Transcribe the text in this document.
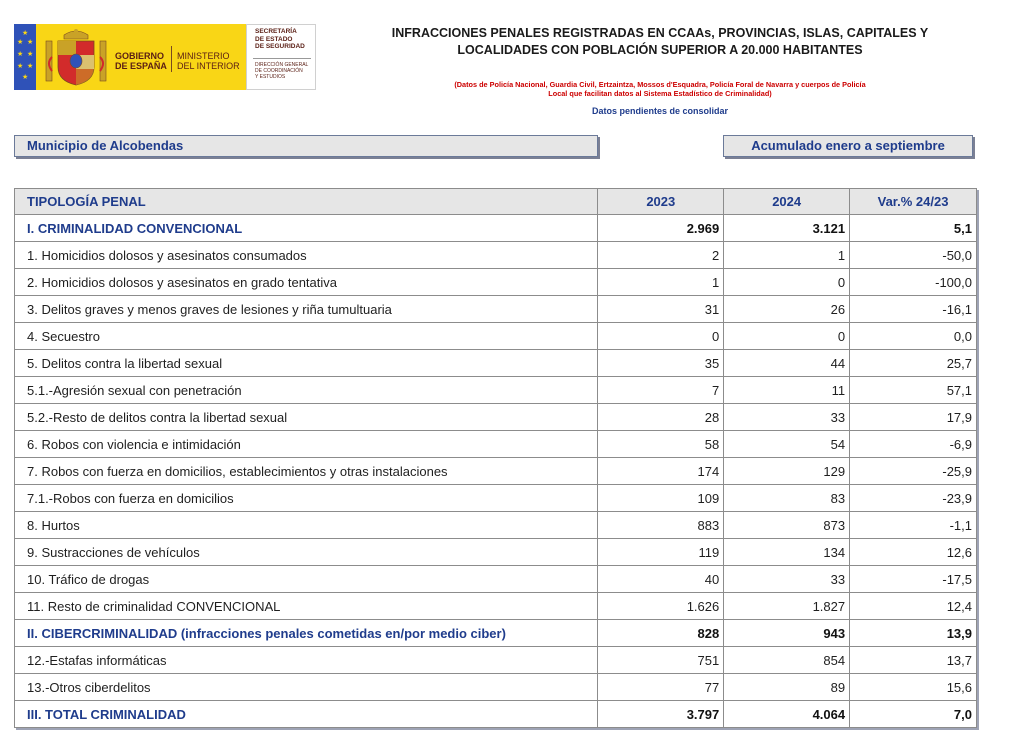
★
★ ★
★ ★
★ ★
★
GOBIERNO
DE ESPAÑA
MINISTERIO
DEL INTERIOR
SECRETARÍA
DE ESTADO
DE SEGURIDAD
DIRECCIÓN GENERAL
DE COORDINACIÓN
Y ESTUDIOS
INFRACCIONES PENALES REGISTRADAS EN CCAAs, PROVINCIAS, ISLAS, CAPITALES Y
LOCALIDADES CON POBLACIÓN SUPERIOR A 20.000 HABITANTES
(Datos de Policía Nacional, Guardia Civil, Ertzaintza, Mossos d'Esquadra, Policía Foral de Navarra y cuerpos de Policía
Local que facilitan datos al Sistema Estadístico de Criminalidad)
Datos pendientes de consolidar
Municipio de Alcobendas	Acumulado enero a septiembre
TIPOLOGÍA PENAL	2023	2024	Var.% 24/23
I. CRIMINALIDAD CONVENCIONAL	2.969	3.121	5,1
1. Homicidios dolosos y asesinatos consumados	2	1	-50,0
2. Homicidios dolosos y asesinatos en grado tentativa	1	0	-100,0
3. Delitos graves y menos graves de lesiones y riña tumultuaria	31	26	-16,1
4. Secuestro	0	0	0,0
5. Delitos contra la libertad sexual	35	44	25,7
5.1.-Agresión sexual con penetración	7	11	57,1
5.2.-Resto de delitos contra la libertad sexual	28	33	17,9
6. Robos con violencia e intimidación	58	54	-6,9
7. Robos con fuerza en domicilios, establecimientos y otras instalaciones	174	129	-25,9
7.1.-Robos con fuerza en domicilios	109	83	-23,9
8. Hurtos	883	873	-1,1
9. Sustracciones de vehículos	119	134	12,6
10. Tráfico de drogas	40	33	-17,5
11. Resto de criminalidad CONVENCIONAL	1.626	1.827	12,4
II. CIBERCRIMINALIDAD (infracciones penales cometidas en/por medio ciber)	828	943	13,9
12.-Estafas informáticas	751	854	13,7
13.-Otros ciberdelitos	77	89	15,6
III. TOTAL CRIMINALIDAD	3.797	4.064	7,0
